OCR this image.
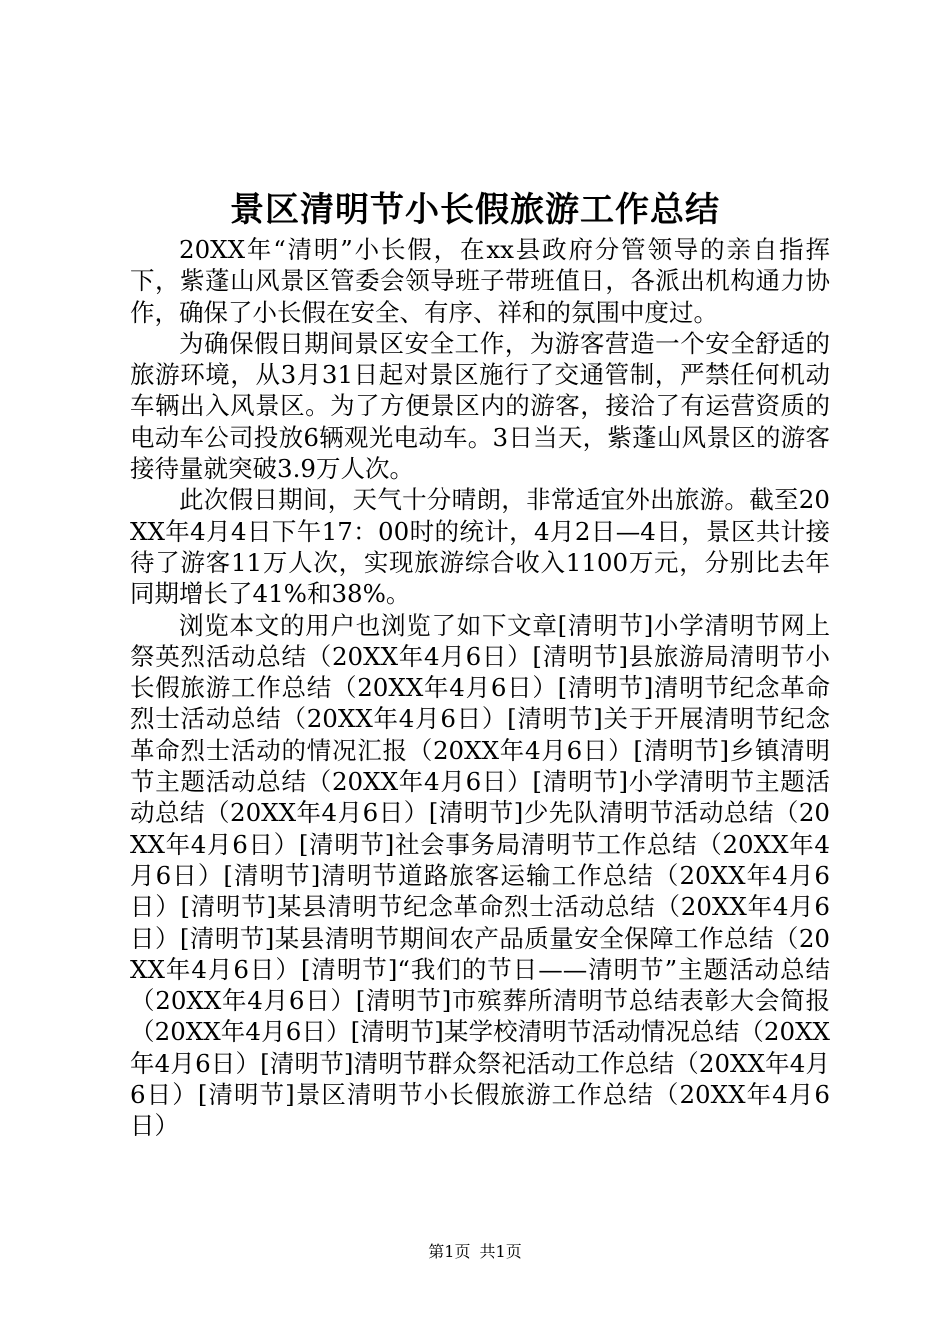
景区清明节小长假旅游工作总结

20XX年“清明”小长假，在xx县政府分管领导的亲自指挥下，紫蓬山风景区管委会领导班子带班值日，各派出机构通力协作，确保了小长假在安全、有序、祥和的氛围中度过。

为确保假日期间景区安全工作，为游客营造一个安全舒适的旅游环境，从3月31日起对景区施行了交通管制，严禁任何机动车辆出入风景区。为了方便景区内的游客，接洽了有运营资质的电动车公司投放6辆观光电动车。3日当天，紫蓬山风景区的游客接待量就突破3.9万人次。

此次假日期间，天气十分晴朗，非常适宜外出旅游。截至20XX年4月4日下午17：00时的统计，4月2日—4日，景区共计接待了游客11万人次，实现旅游综合收入1100万元，分别比去年同期增长了41%和38%。

浏览本文的用户也浏览了如下文章[清明节]小学清明节网上祭英烈活动总结（20XX年4月6日）[清明节]县旅游局清明节小长假旅游工作总结（20XX年4月6日）[清明节]清明节纪念革命烈士活动总结（20XX年4月6日）[清明节]关于开展清明节纪念革命烈士活动的情况汇报（20XX年4月6日）[清明节]乡镇清明节主题活动总结（20XX年4月6日）[清明节]小学清明节主题活动总结（20XX年4月6日）[清明节]少先队清明节活动总结（20XX年4月6日）[清明节]社会事务局清明节工作总结（20XX年4月6日）[清明节]清明节道路旅客运输工作总结（20XX年4月6日）[清明节]某县清明节纪念革命烈士活动总结（20XX年4月6日）[清明节]某县清明节期间农产品质量安全保障工作总结（20XX年4月6日）[清明节]“我们的节日——清明节”主题活动总结（20XX年4月6日）[清明节]市殡葬所清明节总结表彰大会简报（20XX年4月6日）[清明节]某学校清明节活动情况总结（20XX年4月6日）[清明节]清明节群众祭祀活动工作总结（20XX年4月6日）[清明节]景区清明节小长假旅游工作总结（20XX年4月6日）

第1页 共1页
